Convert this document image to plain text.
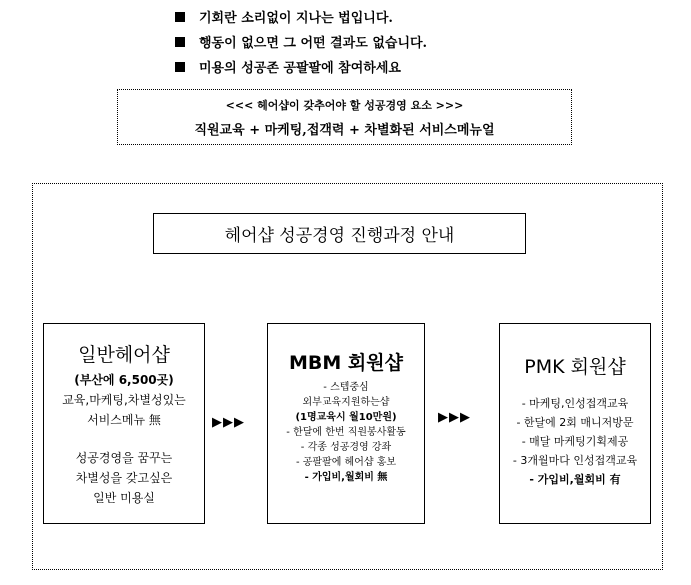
기회란 소리없이 지나는 법입니다.
행동이 없으면 그 어떤 결과도 없습니다.
미용의 성공존 공팔팔에 참여하세요
<<< 헤어샵이 갖추어야 할 성공경영 요소 >>>
직원교육 + 마케팅,접객력 + 차별화된 서비스메뉴얼
헤어샵 성공경영 진행과정 안내
일반헤어샵
(부산에 6,500곳)
교육,마케팅,차별성있는
서비스메뉴 無
성공경영을 꿈꾸는
차별성을 갖고싶은
일반 미용실
▶▶▶
MBM 회원샵
- 스텝중심
외부교육지원하는샵
(1명교육시 월10만원)
- 한달에 한번 직원봉사활동
- 각종 성공경영 강좌
- 공팔팔에 헤어샵 홍보
- 가입비,월회비 無
▶▶▶
PMK 회원샵
- 마케팅,인성접객교육
- 한달에 2회 매니저방문
- 매달 마케팅기획제공
- 3개월마다 인성접객교육
- 가입비,월회비 有
